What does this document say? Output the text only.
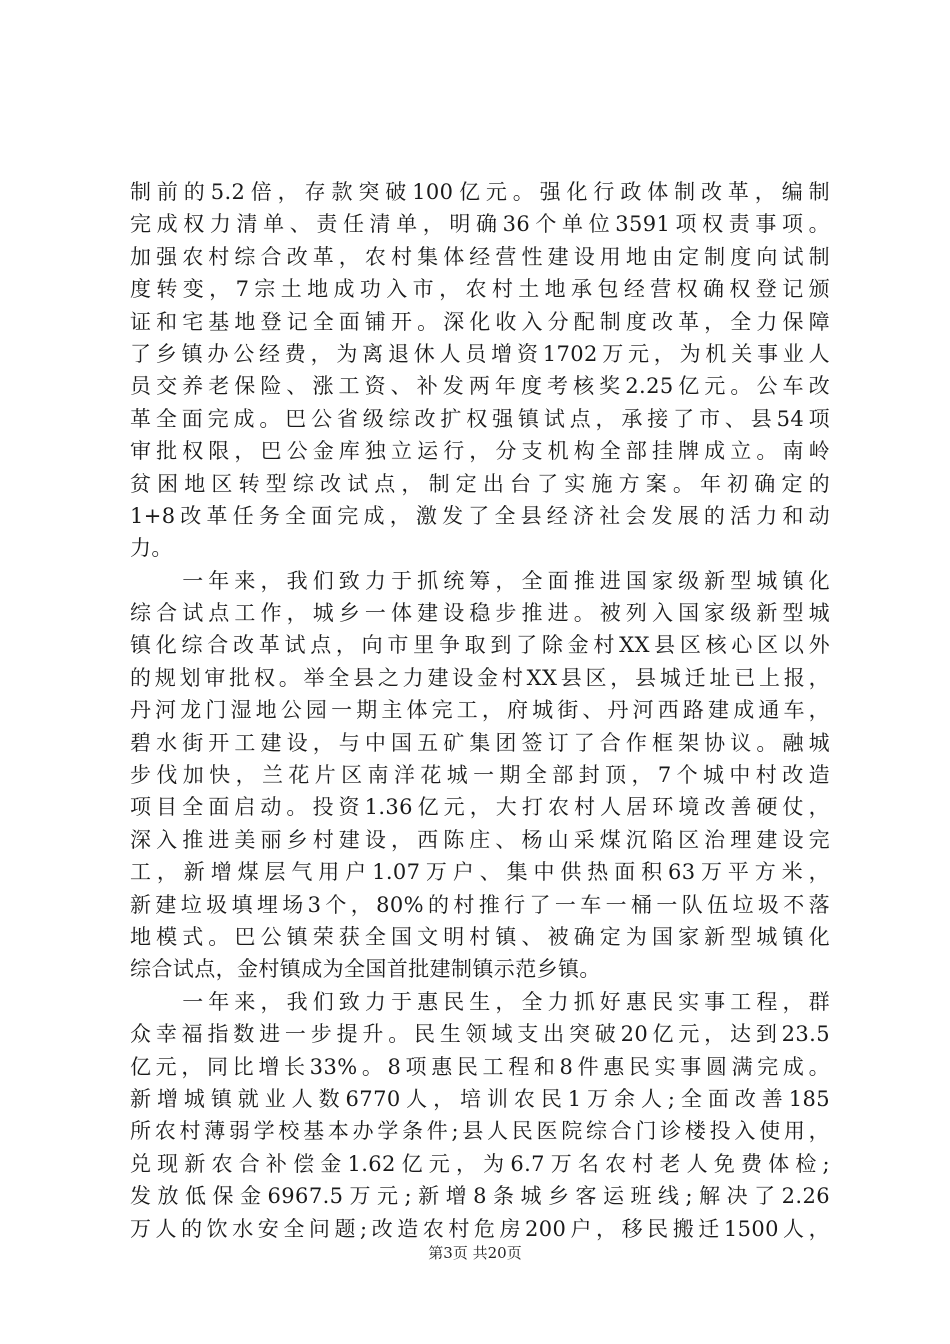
制前的5.2倍，存款突破100亿元。强化行政体制改革，编制
完成权力清单、责任清单，明确36个单位3591项权责事项。
加强农村综合改革，农村集体经营性建设用地由定制度向试制
度转变，7宗土地成功入市，农村土地承包经营权确权登记颁
证和宅基地登记全面铺开。深化收入分配制度改革，全力保障
了乡镇办公经费，为离退休人员增资1702万元，为机关事业人
员交养老保险、涨工资、补发两年度考核奖2.25亿元。公车改
革全面完成。巴公省级综改扩权强镇试点，承接了市、县54项
审批权限，巴公金库独立运行，分支机构全部挂牌成立。南岭
贫困地区转型综改试点，制定出台了实施方案。年初确定的
1+8改革任务全面完成，激发了全县经济社会发展的活力和动
力。
　　一年来，我们致力于抓统筹，全面推进国家级新型城镇化
综合试点工作，城乡一体建设稳步推进。被列入国家级新型城
镇化综合改革试点，向市里争取到了除金村XX县区核心区以外
的规划审批权。举全县之力建设金村XX县区，县城迁址已上报，
丹河龙门湿地公园一期主体完工，府城街、丹河西路建成通车，
碧水街开工建设，与中国五矿集团签订了合作框架协议。融城
步伐加快，兰花片区南洋花城一期全部封顶，7个城中村改造
项目全面启动。投资1.36亿元，大打农村人居环境改善硬仗，
深入推进美丽乡村建设，西陈庄、杨山采煤沉陷区治理建设完
工，新增煤层气用户1.07万户、集中供热面积63万平方米，
新建垃圾填埋场3个，80%的村推行了一车一桶一队伍垃圾不落
地模式。巴公镇荣获全国文明村镇、被确定为国家新型城镇化
综合试点，金村镇成为全国首批建制镇示范乡镇。
　　一年来，我们致力于惠民生，全力抓好惠民实事工程，群
众幸福指数进一步提升。民生领域支出突破20亿元，达到23.5
亿元，同比增长33%。8项惠民工程和8件惠民实事圆满完成。
新增城镇就业人数6770人，培训农民1万余人;全面改善185
所农村薄弱学校基本办学条件;县人民医院综合门诊楼投入使用，
兑现新农合补偿金1.62亿元，为6.7万名农村老人免费体检;
发放低保金6967.5万元;新增8条城乡客运班线;解决了2.26
万人的饮水安全问题;改造农村危房200户，移民搬迁1500人，
第3页 共20页
